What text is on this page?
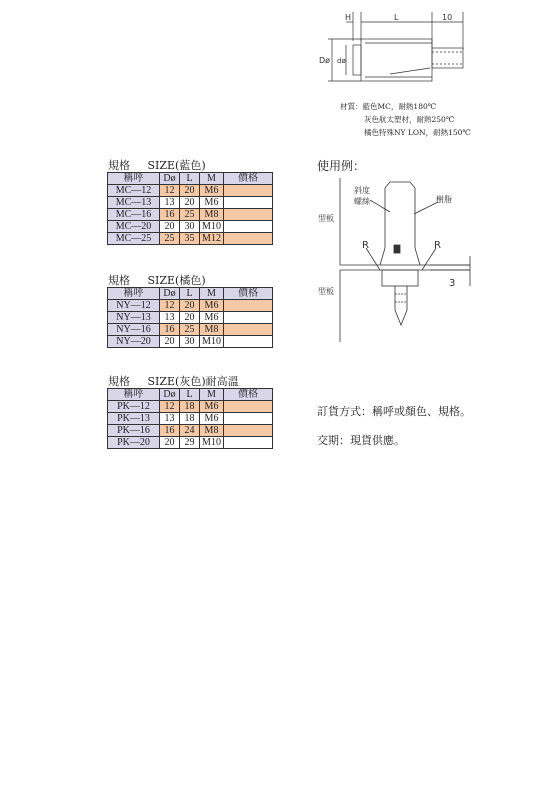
H	L	10
Dø dø
材質：藍色MC，耐熱180℃
灰色航太塑材，耐熱250℃
橘色特殊NY LON，耐熱150℃
使用例：
斜度
螺絲	樹脂
型板
型板
R	R
3
規格 SIZE(藍色)
稱呼	Dø	L	M	價格
MC—12	12	20	M6	
MC—13	13	20	M6	
MC—16	16	25	M8	
MC—20	20	30	M10	
MC—25	25	35	M12	
規格 SIZE(橘色)
稱呼	Dø	L	M	價格
NY—12	12	20	M6	
NY—13	13	20	M6	
NY—16	16	25	M8	
NY—20	20	30	M10	
規格 SIZE(灰色)耐高溫
稱呼	Dø	L	M	價格
PK—12	12	18	M6	
PK—13	13	18	M6	
PK—16	16	24	M8	
PK—20	20	29	M10	
訂貨方式：稱呼或顏色、規格。
交期：現貨供應。
